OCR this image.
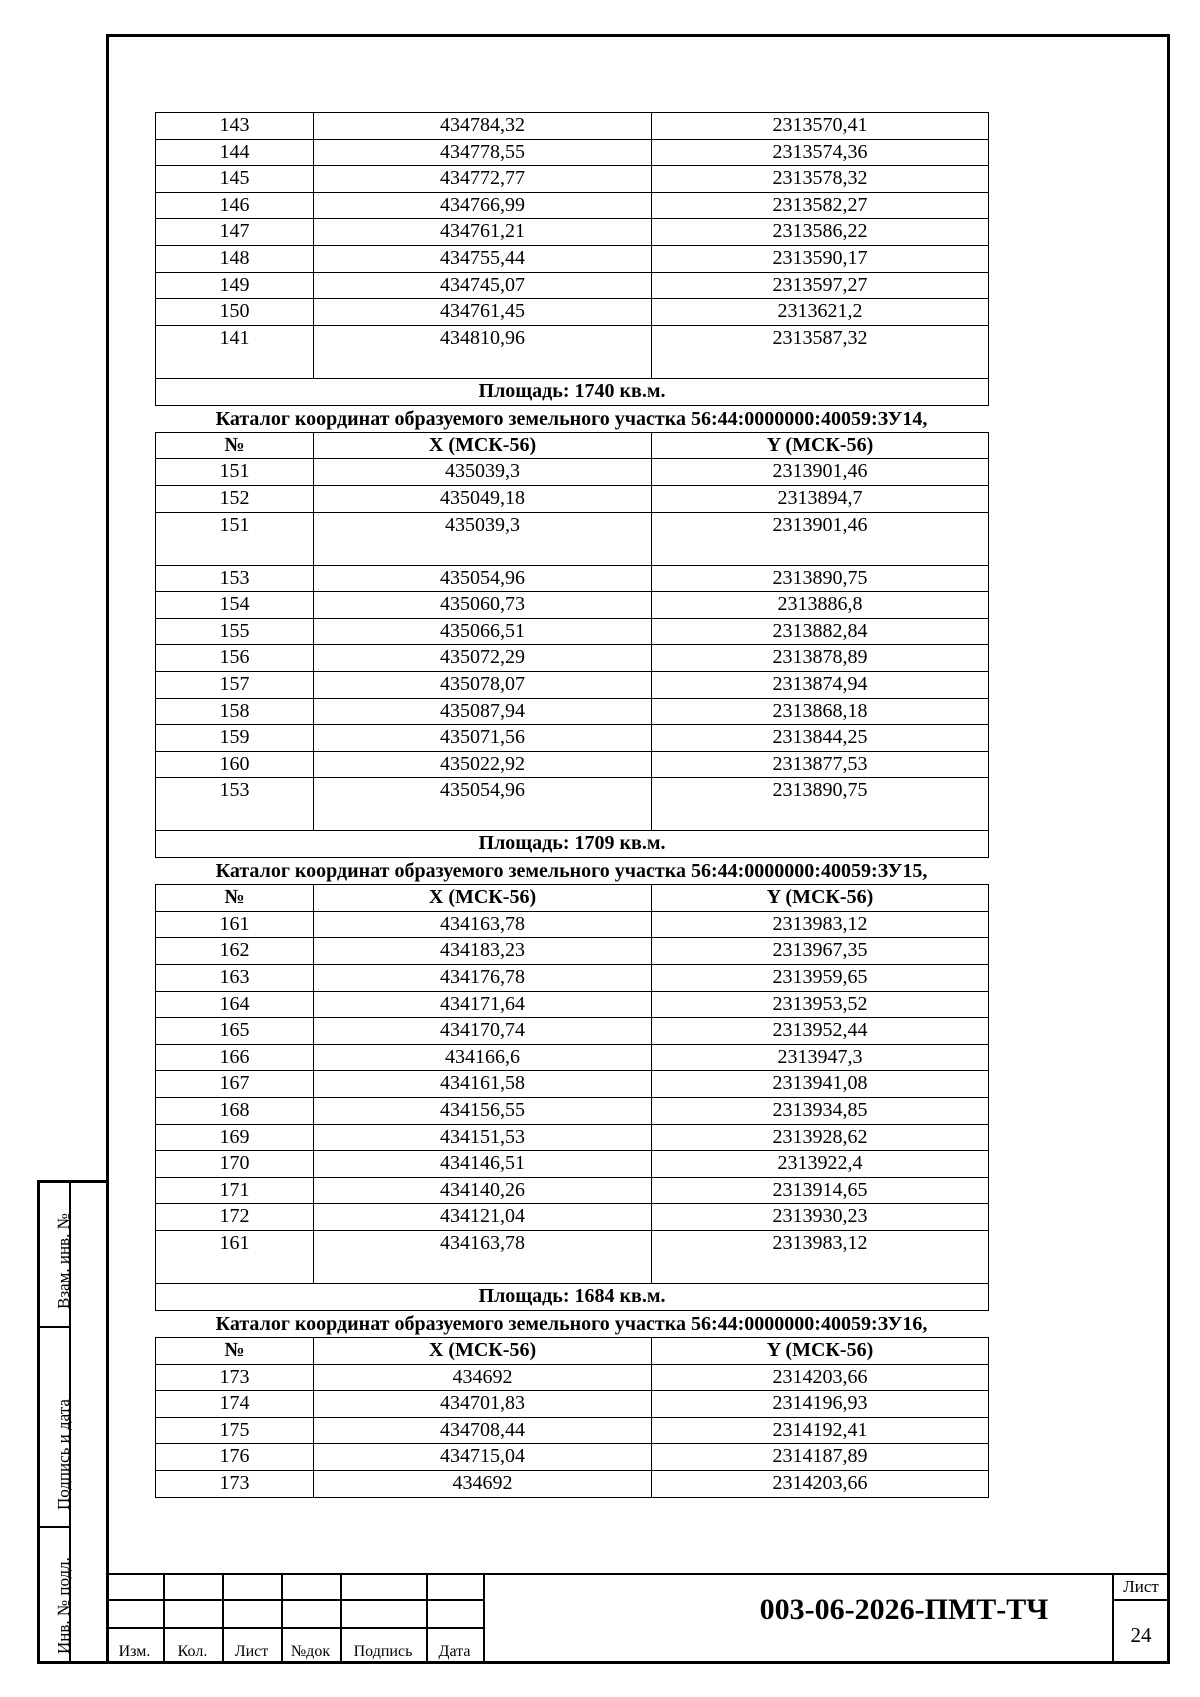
143	434784,32	2313570,41
144	434778,55	2313574,36
145	434772,77	2313578,32
146	434766,99	2313582,27
147	434761,21	2313586,22
148	434755,44	2313590,17
149	434745,07	2313597,27
150	434761,45	2313621,2
141	434810,96	2313587,32
Площадь: 1740 кв.м.		
Каталог координат образуемого земельного участка 56:44:0000000:40059:ЗУ14,
№	X (МСК-56)	Y (МСК-56)
151	435039,3	2313901,46
152	435049,18	2313894,7
151	435039,3	2313901,46
153	435054,96	2313890,75
154	435060,73	2313886,8
155	435066,51	2313882,84
156	435072,29	2313878,89
157	435078,07	2313874,94
158	435087,94	2313868,18
159	435071,56	2313844,25
160	435022,92	2313877,53
153	435054,96	2313890,75
Площадь: 1709 кв.м.		
Каталог координат образуемого земельного участка 56:44:0000000:40059:ЗУ15,
№	X (МСК-56)	Y (МСК-56)
161	434163,78	2313983,12
162	434183,23	2313967,35
163	434176,78	2313959,65
164	434171,64	2313953,52
165	434170,74	2313952,44
166	434166,6	2313947,3
167	434161,58	2313941,08
168	434156,55	2313934,85
169	434151,53	2313928,62
170	434146,51	2313922,4
171	434140,26	2313914,65
172	434121,04	2313930,23
161	434163,78	2313983,12
Площадь: 1684 кв.м.		
Каталог координат образуемого земельного участка 56:44:0000000:40059:ЗУ16,
№	X (МСК-56)	Y (МСК-56)
173	434692	2314203,66
174	434701,83	2314196,93
175	434708,44	2314192,41
176	434715,04	2314187,89
173	434692	2314203,66
Взам. инв. №
Подпись и дата
Инв. № подл.	Изм.	Кол.	Лист	№док	Подпись	Дата
003-06-2026-ПМТ-ТЧ
Лист
24
